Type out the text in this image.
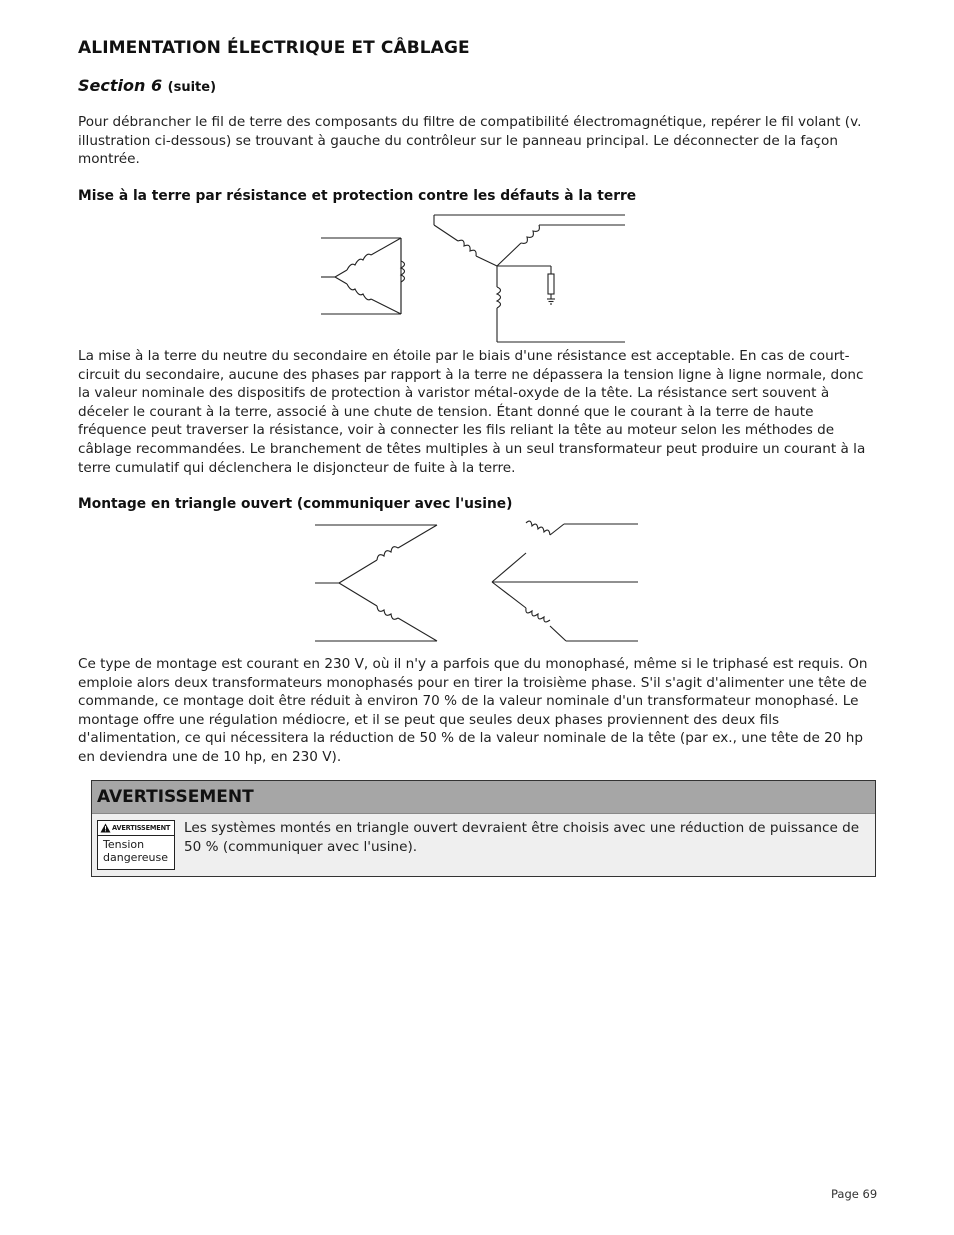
ALIMENTATION ÉLECTRIQUE ET CÂBLAGE
Section 6 (suite)

Pour débrancher le fil de terre des composants du filtre de compatibilité électromagnétique, repérer le fil volant (v. illustration ci-dessous) se trouvant à gauche du contrôleur sur le panneau principal. Le déconnecter de la façon montrée.

Mise à la terre par résistance et protection contre les défauts à la terre

La mise à la terre du neutre du secondaire en étoile par le biais d'une résistance est acceptable. En cas de court-circuit du secondaire, aucune des phases par rapport à la terre ne dépassera la tension ligne à ligne normale, donc la valeur nominale des dispositifs de protection à varistor métal-oxyde de la tête. La résistance sert souvent à déceler le courant à la terre, associé à une chute de tension. Étant donné que le courant à la terre de haute fréquence peut traverser la résistance, voir à connecter les fils reliant la tête au moteur selon les méthodes de câblage recommandées. Le branchement de têtes multiples à un seul transformateur peut produire un courant à la terre cumulatif qui déclenchera le disjoncteur de fuite à la terre.

Montage en triangle ouvert (communiquer avec l'usine)

Ce type de montage est courant en 230 V, où il n'y a parfois que du monophasé, même si le triphasé est requis. On emploie alors deux transformateurs monophasés pour en tirer la troisième phase. S'il s'agit d'alimenter une tête de commande, ce montage doit être réduit à environ 70 % de la valeur nominale d'un transformateur monophasé. Le montage offre une régulation médiocre, et il se peut que seules deux phases proviennent des deux fils d'alimentation, ce qui nécessitera la réduction de 50 % de la valeur nominale de la tête (par ex., une tête de 20 hp en deviendra une de 10 hp, en 230 V).

AVERTISSEMENT
AVERTISSEMENT
Tension dangereuse
Les systèmes montés en triangle ouvert devraient être choisis avec une réduction de puissance de 50 % (communiquer avec l'usine).
Page 69
